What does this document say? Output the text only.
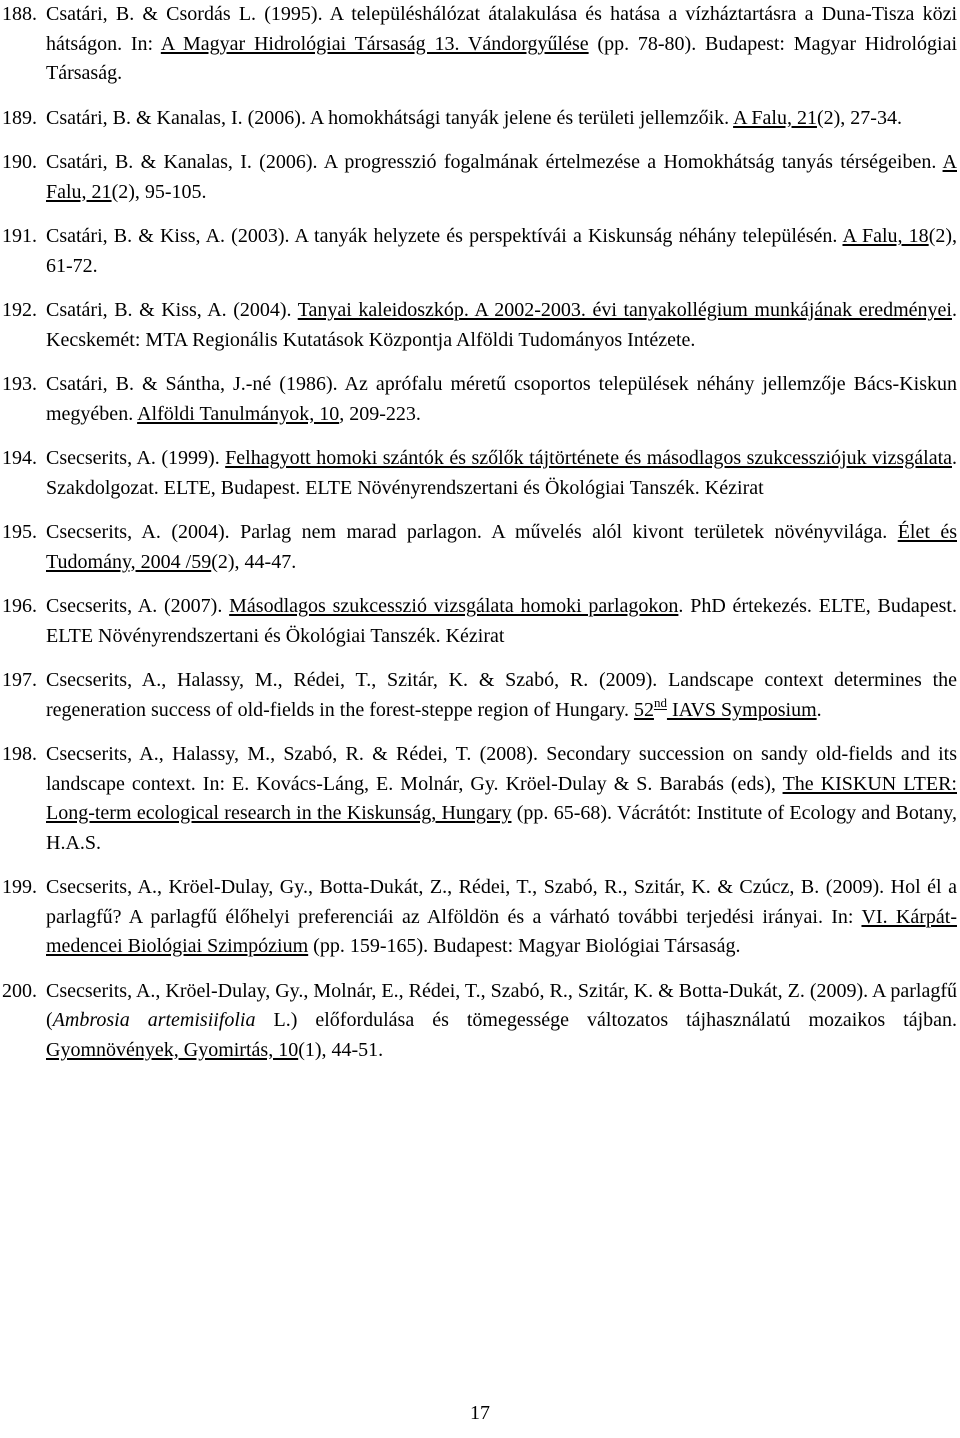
188. Csatári, B. & Csordás L. (1995). A településhálózat átalakulása és hatása a vízháztartásra a Duna-Tisza közi hátságon. In: A Magyar Hidrológiai Társaság 13. Vándorgyűlése (pp. 78-80). Budapest: Magyar Hidrológiai Társaság.
189. Csatári, B. & Kanalas, I. (2006). A homokhátsági tanyák jelene és területi jellemzőik. A Falu, 21(2), 27-34.
190. Csatári, B. & Kanalas, I. (2006). A progresszió fogalmának értelmezése a Homokhátság tanyás térségeiben. A Falu, 21(2), 95-105.
191. Csatári, B. & Kiss, A. (2003). A tanyák helyzete és perspektívái a Kiskunság néhány településén. A Falu, 18(2), 61-72.
192. Csatári, B. & Kiss, A. (2004). Tanyai kaleidoszkóp. A 2002-2003. évi tanyakollégium munkájának eredményei. Kecskemét: MTA Regionális Kutatások Központja Alföldi Tudományos Intézete.
193. Csatári, B. & Sántha, J.-né (1986). Az aprófalu méretű csoportos települések néhány jellemzője Bács-Kiskun megyében. Alföldi Tanulmányok, 10, 209-223.
194. Csecserits, A. (1999). Felhagyott homoki szántók és szőlők tájtörténete és másodlagos szukcessziójuk vizsgálata. Szakdolgozat. ELTE, Budapest. ELTE Növényrendszertani és Ökológiai Tanszék. Kézirat
195. Csecserits, A. (2004). Parlag nem marad parlagon. A művelés alól kivont területek növényvilága. Élet és Tudomány, 2004 /59(2), 44-47.
196. Csecserits, A. (2007). Másodlagos szukcesszió vizsgálata homoki parlagokon. PhD értekezés. ELTE, Budapest. ELTE Növényrendszertani és Ökológiai Tanszék. Kézirat
197. Csecserits, A., Halassy, M., Rédei, T., Szitár, K. & Szabó, R. (2009). Landscape context determines the regeneration success of old-fields in the forest-steppe region of Hungary. 52nd IAVS Symposium.
198. Csecserits, A., Halassy, M., Szabó, R. & Rédei, T. (2008). Secondary succession on sandy old-fields and its landscape context. In: E. Kovács-Láng, E. Molnár, Gy. Kröel-Dulay & S. Barabás (eds), The KISKUN LTER: Long-term ecological research in the Kiskunság, Hungary (pp. 65-68). Vácrátót: Institute of Ecology and Botany, H.A.S.
199. Csecserits, A., Kröel-Dulay, Gy., Botta-Dukát, Z., Rédei, T., Szabó, R., Szitár, K. & Czúcz, B. (2009). Hol él a parlagfű? A parlagfű élőhelyi preferenciái az Alföldön és a várható további terjedési irányai. In: VI. Kárpát-medencei Biológiai Szimpózium (pp. 159-165). Budapest: Magyar Biológiai Társaság.
200. Csecserits, A., Kröel-Dulay, Gy., Molnár, E., Rédei, T., Szabó, R., Szitár, K. & Botta-Dukát, Z. (2009). A parlagfű (Ambrosia artemisiifolia L.) előfordulása és tömegessége változatos tájhasználatú mozaikos tájban. Gyomnövények, Gyomirtás, 10(1), 44-51.
17
